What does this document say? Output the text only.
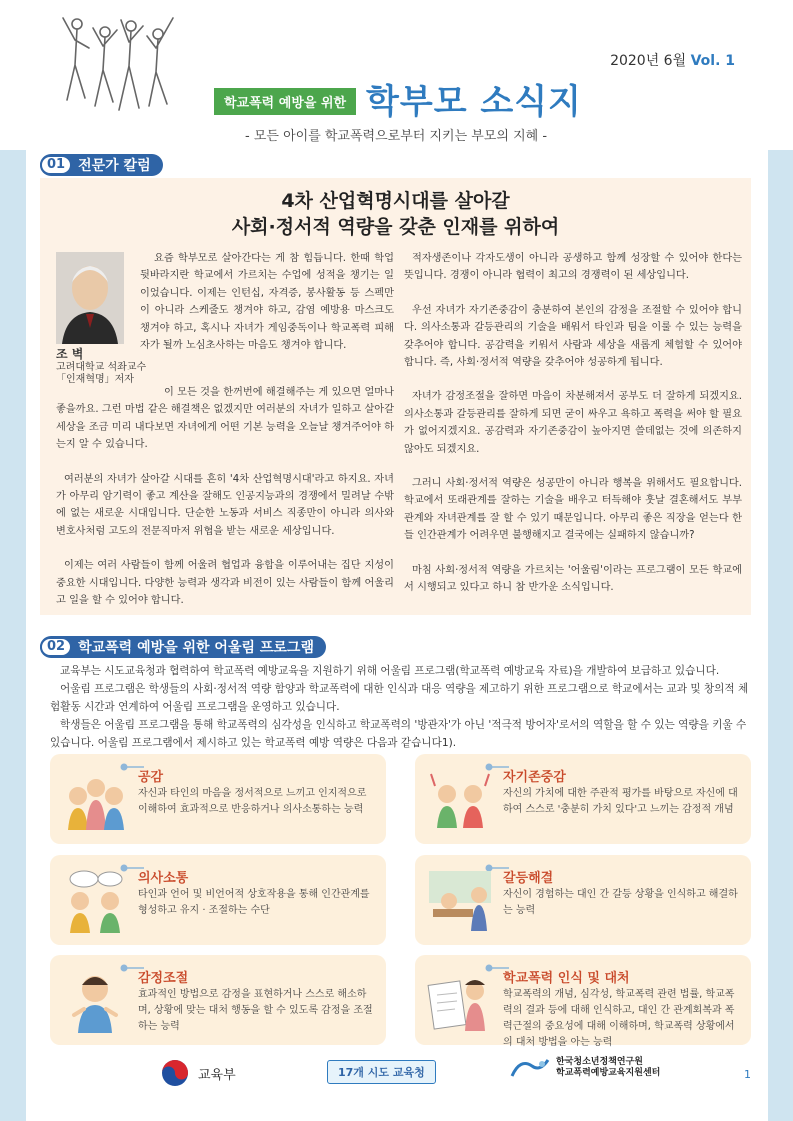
2020년 6월 Vol. 1
학교폭력 예방을 위한 학부모 소식지
- 모든 아이를 학교폭력으로부터 지키는 부모의 지혜 -
01 전문가 칼럼
4차 산업혁명시대를 살아갈
사회·정서적 역량을 갖춘 인재를 위하여
조 벽
고려대학교 석좌교수
「인재혁명」저자

요즘 학부모로 살아간다는 게 참 힘듭니다. 한때 학업 뒷바라지란 학교에서 가르치는 수업에 성적을 챙기는 일이었습니다. 이제는 인턴십, 자격증, 봉사활동 등 스펙만이 아니라 스케줄도 챙겨야 하고, 감염 예방용 마스크도 챙겨야 하고, 혹시나 자녀가 게임중독이나 학교폭력 피해자가 될까 노심초사하는 마음도 챙겨야 합니다.

이 모든 것을 한꺼번에 해결해주는 게 있으면 얼마나 좋을까요. 그런 마법 같은 해결책은 없겠지만 여러분의 자녀가 일하고 살아갈 세상을 조금 미리 내다보면 자녀에게 어떤 기본 능력을 오늘날 챙겨주어야 하는지 알 수 있습니다.

여러분의 자녀가 살아갈 시대를 흔히 '4차 산업혁명시대'라고 하지요. 자녀가 아무리 암기력이 좋고 계산을 잘해도 인공지능과의 경쟁에서 밀려날 수밖에 없는 새로운 시대입니다. 단순한 노동과 서비스 직종만이 아니라 의사와 변호사처럼 고도의 전문직마저 위협을 받는 새로운 세상입니다.

이제는 여러 사람들이 함께 어울려 협업과 융합을 이루어내는 집단 지성이 중요한 시대입니다. 다양한 능력과 생각과 비전이 있는 사람들이 함께 어울리고 일을 할 수 있어야 합니다.

적자생존이나 각자도생이 아니라 공생하고 함께 성장할 수 있어야 한다는 뜻입니다. 경쟁이 아니라 협력이 최고의 경쟁력이 된 세상입니다.

우선 자녀가 자기존중감이 충분하여 본인의 감정을 조절할 수 있어야 합니다. 의사소통과 갈등관리의 기술을 배워서 타인과 팀을 이룰 수 있는 능력을 갖추어야 합니다. 공감력을 키워서 사람과 세상을 새롭게 체험할 수 있어야 합니다. 즉, 사회·정서적 역량을 갖추어야 성공하게 됩니다.

자녀가 감정조절을 잘하면 마음이 차분해져서 공부도 더 잘하게 되겠지요. 의사소통과 갈등관리를 잘하게 되면 굳이 싸우고 욕하고 폭력을 써야 할 필요가 없어지겠지요. 공감력과 자기존중감이 높아지면 쓸데없는 것에 의존하지 않아도 되겠지요.

그러니 사회·정서적 역량은 성공만이 아니라 행복을 위해서도 필요합니다. 학교에서 또래관계를 잘하는 기술을 배우고 터득해야 훗날 결혼해서도 부부관계와 자녀관계를 잘 할 수 있기 때문입니다. 아무리 좋은 직장을 얻는다 한들 인간관계가 어려우면 불행해지고 결국에는 실패하지 않습니까?

마침 사회·정서적 역량을 가르치는 '어울림'이라는 프로그램이 모든 학교에서 시행되고 있다고 하니 참 반가운 소식입니다.

02 학교폭력 예방을 위한 어울림 프로그램

교육부는 시도교육청과 협력하여 학교폭력 예방교육을 지원하기 위해 어울림 프로그램(학교폭력 예방교육 자료)을 개발하여 보급하고 있습니다.

어울림 프로그램은 학생들의 사회·정서적 역량 함양과 학교폭력에 대한 인식과 대응 역량을 제고하기 위한 프로그램으로 학교에서는 교과 및 창의적 체험활동 시간과 연계하여 어울림 프로그램을 운영하고 있습니다.

학생들은 어울림 프로그램을 통해 학교폭력의 심각성을 인식하고 학교폭력의 '방관자'가 아닌 '적극적 방어자'로서의 역할을 할 수 있는 역량을 키울 수 있습니다. 어울림 프로그램에서 제시하고 있는 학교폭력 예방 역량은 다음과 같습니다1).

공감
자신과 타인의 마음을 정서적으로 느끼고 인지적으로 이해하여 효과적으로 반응하거나 의사소통하는 능력
자기존중감
자신의 가치에 대한 주관적 평가를 바탕으로 자신에 대하여 스스로 '충분히 가치 있다'고 느끼는 감정적 개념
의사소통
타인과 언어 및 비언어적 상호작용을 통해 인간관계를 형성하고 유지 · 조절하는 수단
갈등해결
자신이 경험하는 대인 간 갈등 상황을 인식하고 해결하는 능력
감정조절
효과적인 방법으로 감정을 표현하거나 스스로 해소하며, 상황에 맞는 대처 행동을 할 수 있도록 감정을 조절하는 능력
학교폭력 인식 및 대처
학교폭력의 개념, 심각성, 학교폭력 관련 법률, 학교폭력의 결과 등에 대해 인식하고, 대인 간 관계회복과 폭력근절의 중요성에 대해 이해하며, 학교폭력 상황에서의 대처 방법을 아는 능력
교육부	17개 시도 교육청
한국청소년정책연구원
학교폭력예방교육지원센터	1
